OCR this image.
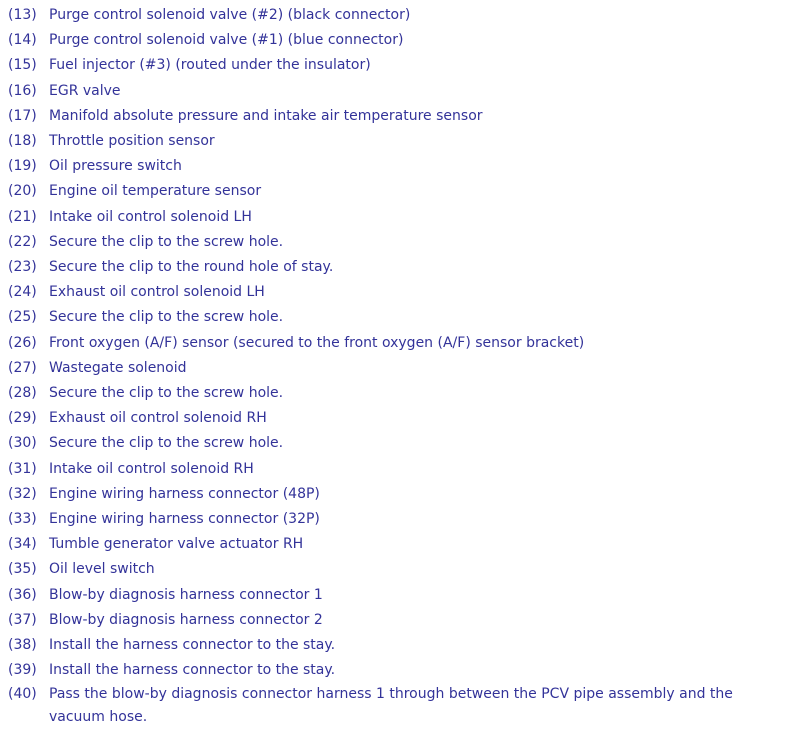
(13) Purge control solenoid valve (#2) (black connector)
(14) Purge control solenoid valve (#1) (blue connector)
(15) Fuel injector (#3) (routed under the insulator)
(16) EGR valve
(17) Manifold absolute pressure and intake air temperature sensor
(18) Throttle position sensor
(19) Oil pressure switch
(20) Engine oil temperature sensor
(21) Intake oil control solenoid LH
(22) Secure the clip to the screw hole.
(23) Secure the clip to the round hole of stay.
(24) Exhaust oil control solenoid LH
(25) Secure the clip to the screw hole.
(26) Front oxygen (A/F) sensor (secured to the front oxygen (A/F) sensor bracket)
(27) Wastegate solenoid
(28) Secure the clip to the screw hole.
(29) Exhaust oil control solenoid RH
(30) Secure the clip to the screw hole.
(31) Intake oil control solenoid RH
(32) Engine wiring harness connector (48P)
(33) Engine wiring harness connector (32P)
(34) Tumble generator valve actuator RH
(35) Oil level switch
(36) Blow-by diagnosis harness connector 1
(37) Blow-by diagnosis harness connector 2
(38) Install the harness connector to the stay.
(39) Install the harness connector to the stay.
(40) Pass the blow-by diagnosis connector harness 1 through between the PCV pipe assembly and the vacuum hose.
